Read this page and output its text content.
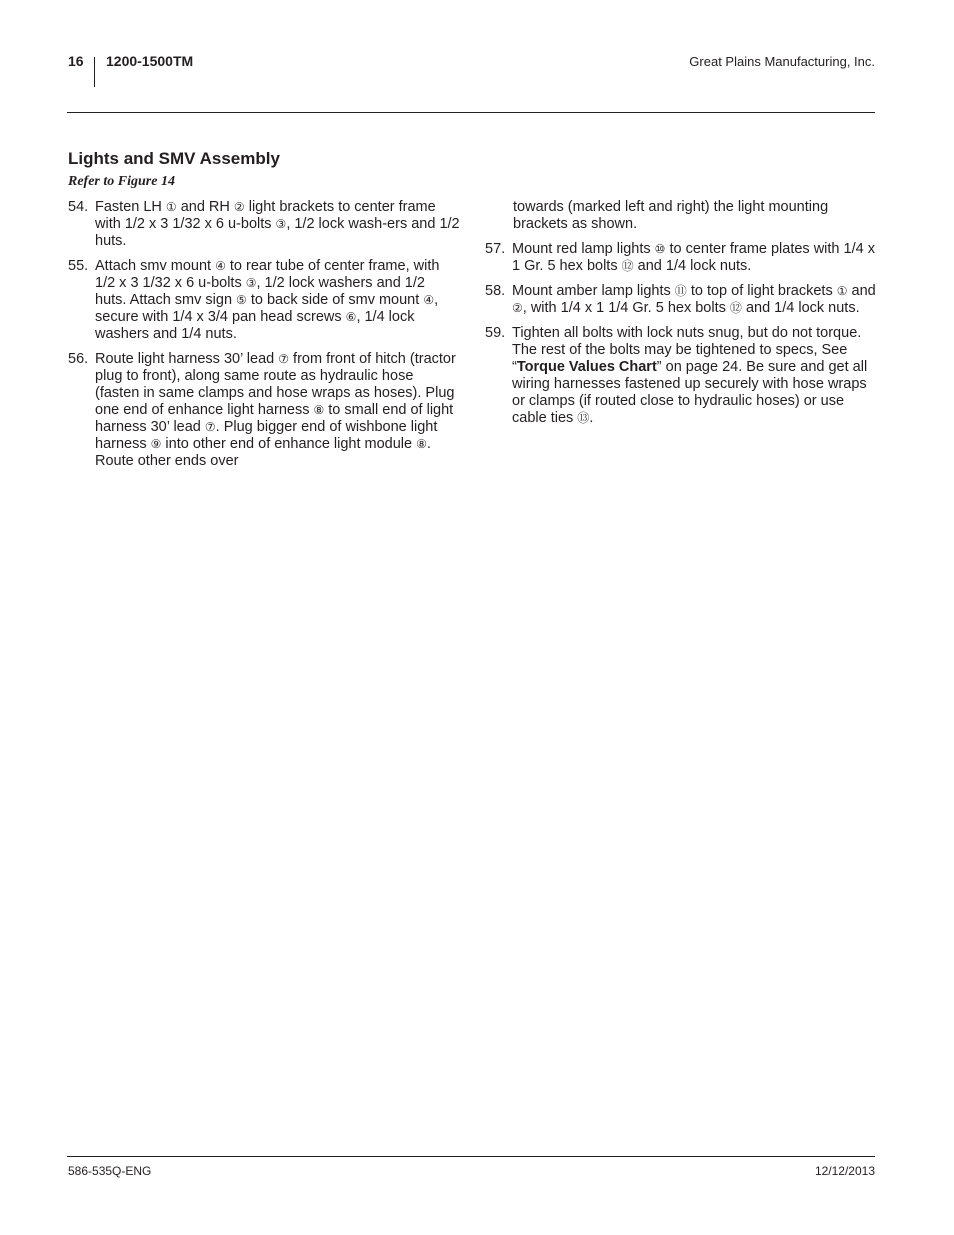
16 1200-1500TM	Great Plains Manufacturing, Inc.
Lights and SMV Assembly
Refer to Figure 14
54. Fasten LH ① and RH ② light brackets to center frame with 1/2 x 3 1/32 x 6 u-bolts ③, 1/2 lock wash-ers and 1/2 huts.
55. Attach smv mount ④ to rear tube of center frame, with 1/2 x 3 1/32 x 6 u-bolts ③, 1/2 lock washers and 1/2 huts. Attach smv sign ⑤ to back side of smv mount ④, secure with 1/4 x 3/4 pan head screws ⑥, 1/4 lock washers and 1/4 nuts.
56. Route light harness 30’ lead ⑦ from front of hitch (tractor plug to front), along same route as hydraulic hose (fasten in same clamps and hose wraps as hoses). Plug one end of enhance light harness ⑧ to small end of light harness 30’ lead ⑦. Plug bigger end of wishbone light harness ⑨ into other end of enhance light module ⑧. Route other ends over
towards (marked left and right) the light mounting brackets as shown.
57. Mount red lamp lights ⑩ to center frame plates with 1/4 x 1 Gr. 5 hex bolts ⑫ and 1/4 lock nuts.
58. Mount amber lamp lights ⑪ to top of light brackets ① and ②, with 1/4 x 1 1/4 Gr. 5 hex bolts ⑫ and 1/4 lock nuts.
59. Tighten all bolts with lock nuts snug, but do not torque. The rest of the bolts may be tightened to specs, See “Torque Values Chart” on page 24. Be sure and get all wiring harnesses fastened up securely with hose wraps or clamps (if routed close to hydraulic hoses) or use cable ties ⑬.
586-535Q-ENG	12/12/2013
